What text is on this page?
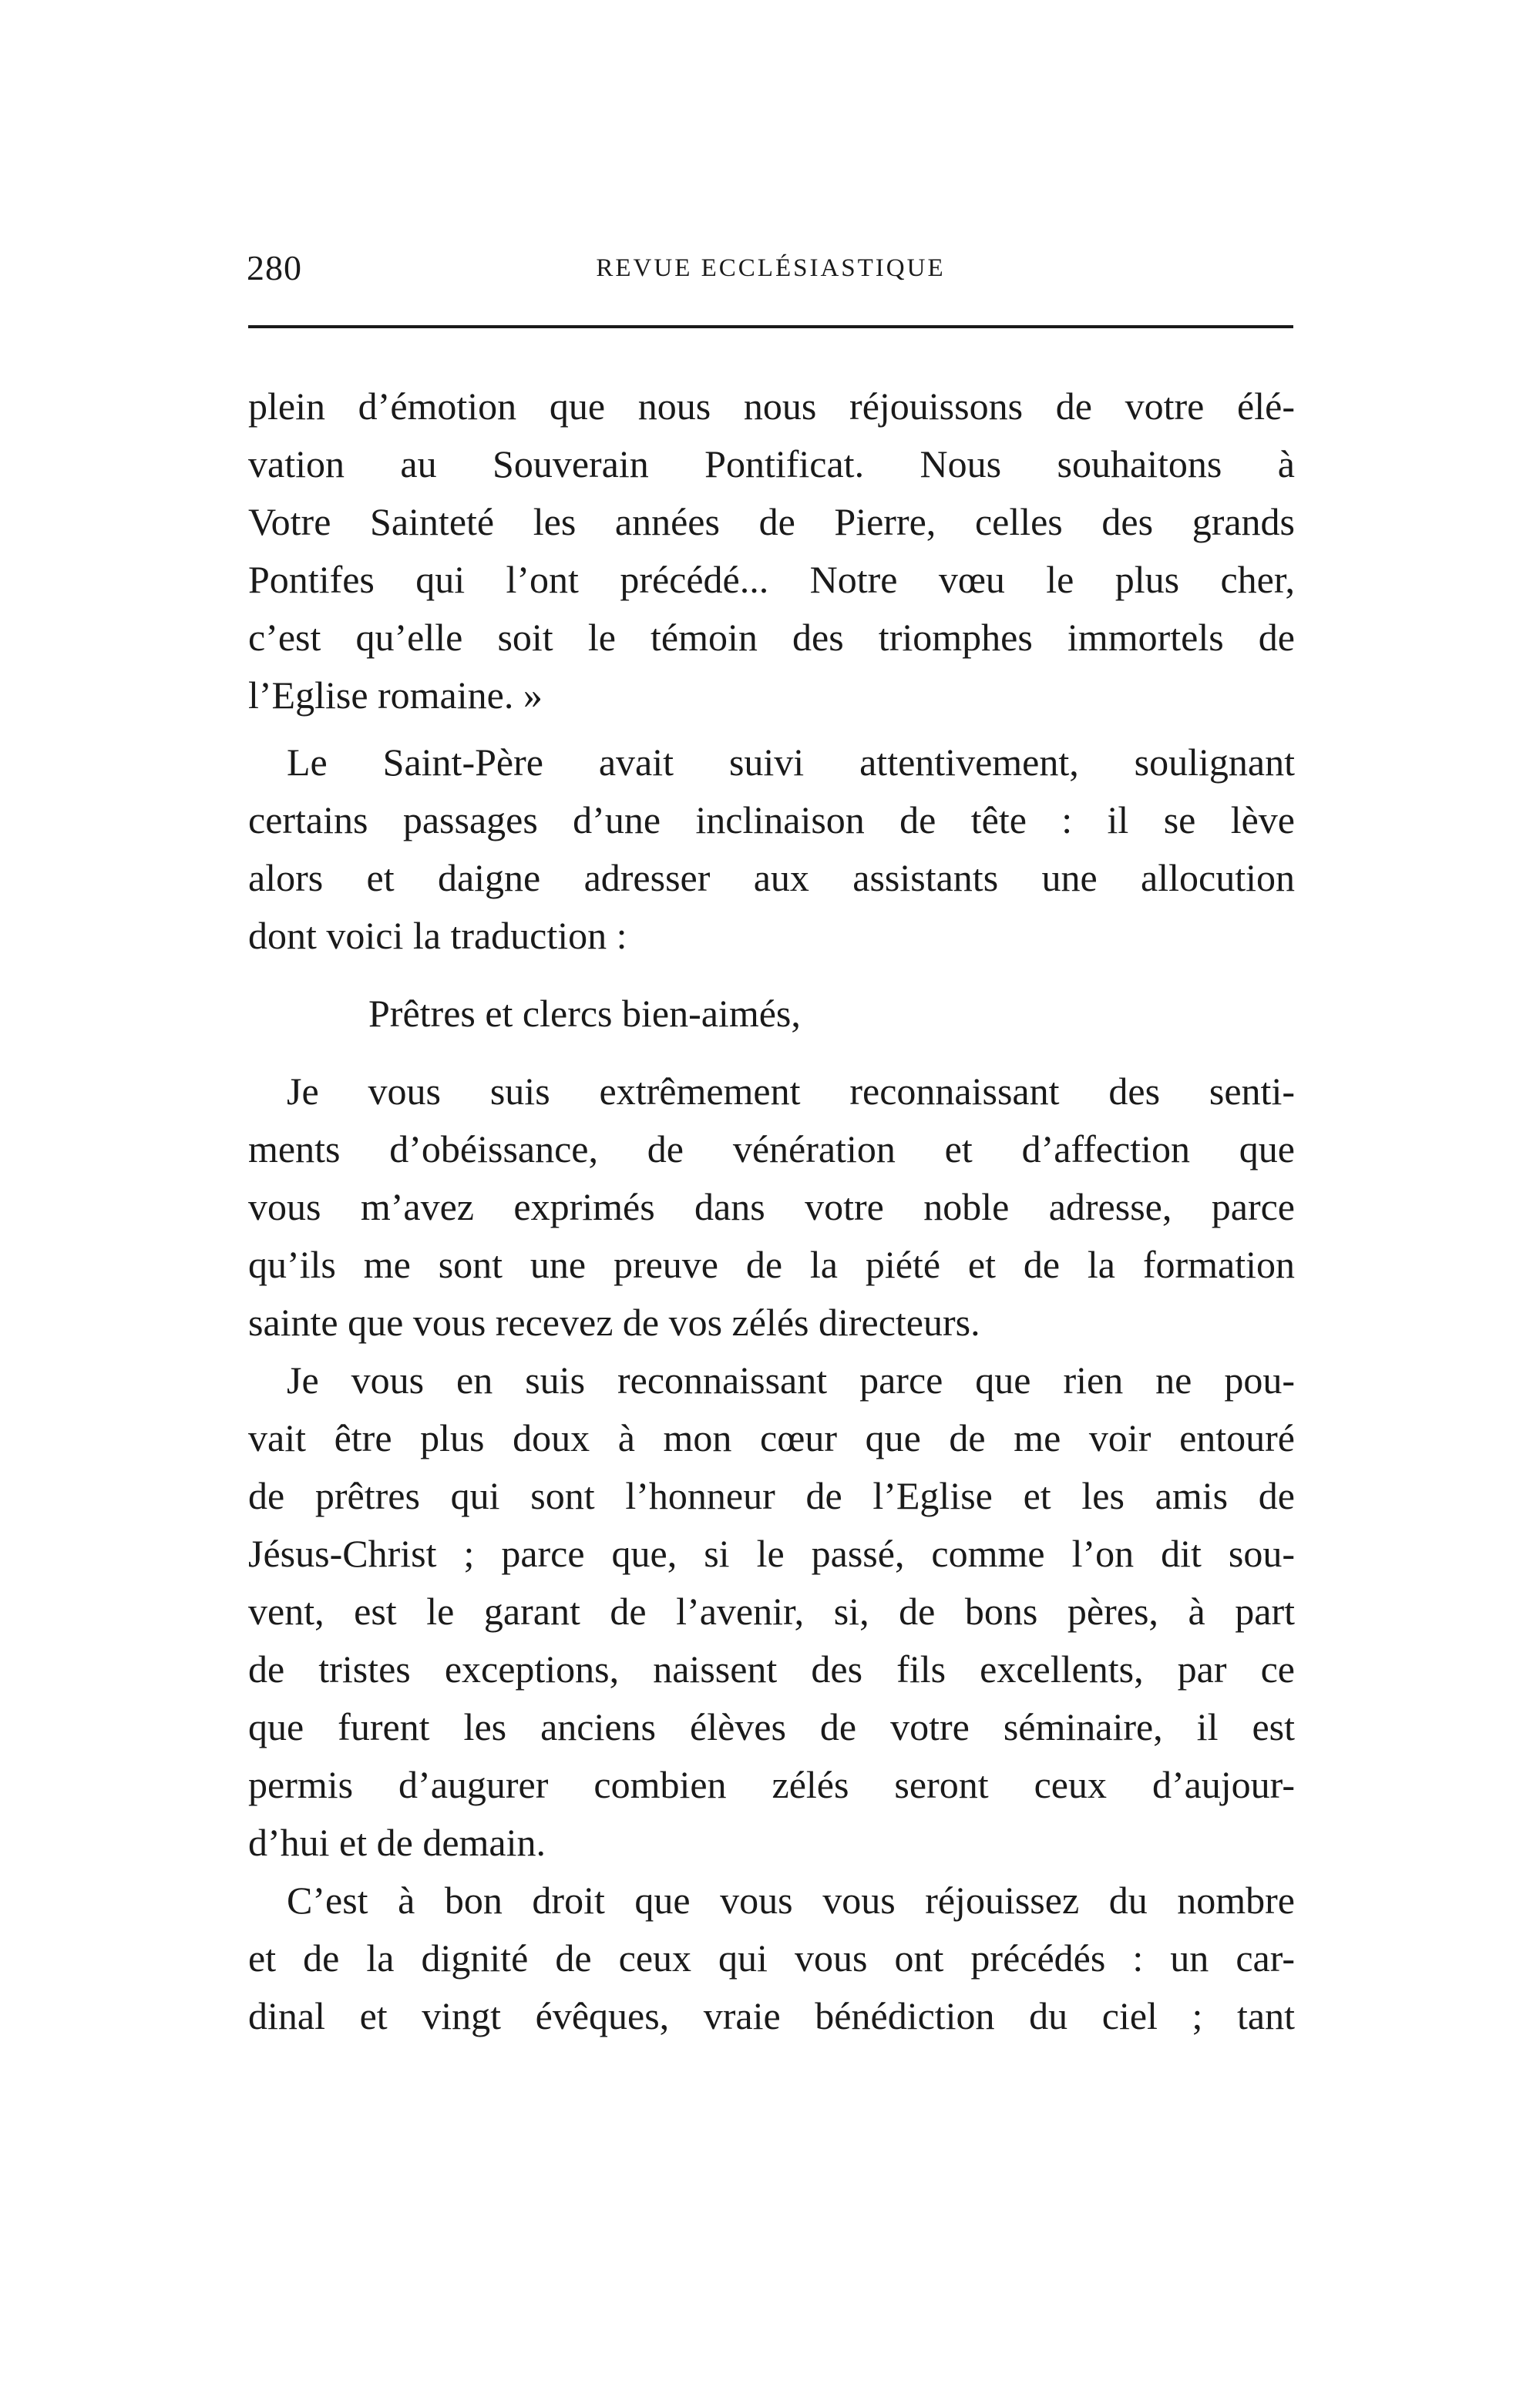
280	REVUE ECCLÉSIASTIQUE
plein d’émotion que nous nous réjouissons de votre élé-
vation au Souverain Pontificat. Nous souhaitons à
Votre Sainteté les années de Pierre, celles des grands
Pontifes qui l’ont précédé... Notre vœu le plus cher,
c’est qu’elle soit le témoin des triomphes immortels de
l’Eglise romaine. »
Le Saint-Père avait suivi attentivement, soulignant
certains passages d’une inclinaison de tête : il se lève
alors et daigne adresser aux assistants une allocution
dont voici la traduction :
Prêtres et clercs bien-aimés,
Je vous suis extrêmement reconnaissant des senti-
ments d’obéissance, de vénération et d’affection que
vous m’avez exprimés dans votre noble adresse, parce
qu’ils me sont une preuve de la piété et de la formation
sainte que vous recevez de vos zélés directeurs.
Je vous en suis reconnaissant parce que rien ne pou-
vait être plus doux à mon cœur que de me voir entouré
de prêtres qui sont l’honneur de l’Eglise et les amis de
Jésus-Christ ; parce que, si le passé, comme l’on dit sou-
vent, est le garant de l’avenir, si, de bons pères, à part
de tristes exceptions, naissent des fils excellents, par ce
que furent les anciens élèves de votre séminaire, il est
permis d’augurer combien zélés seront ceux d’aujour-
d’hui et de demain.
C’est à bon droit que vous vous réjouissez du nombre
et de la dignité de ceux qui vous ont précédés : un car-
dinal et vingt évêques, vraie bénédiction du ciel ; tant
